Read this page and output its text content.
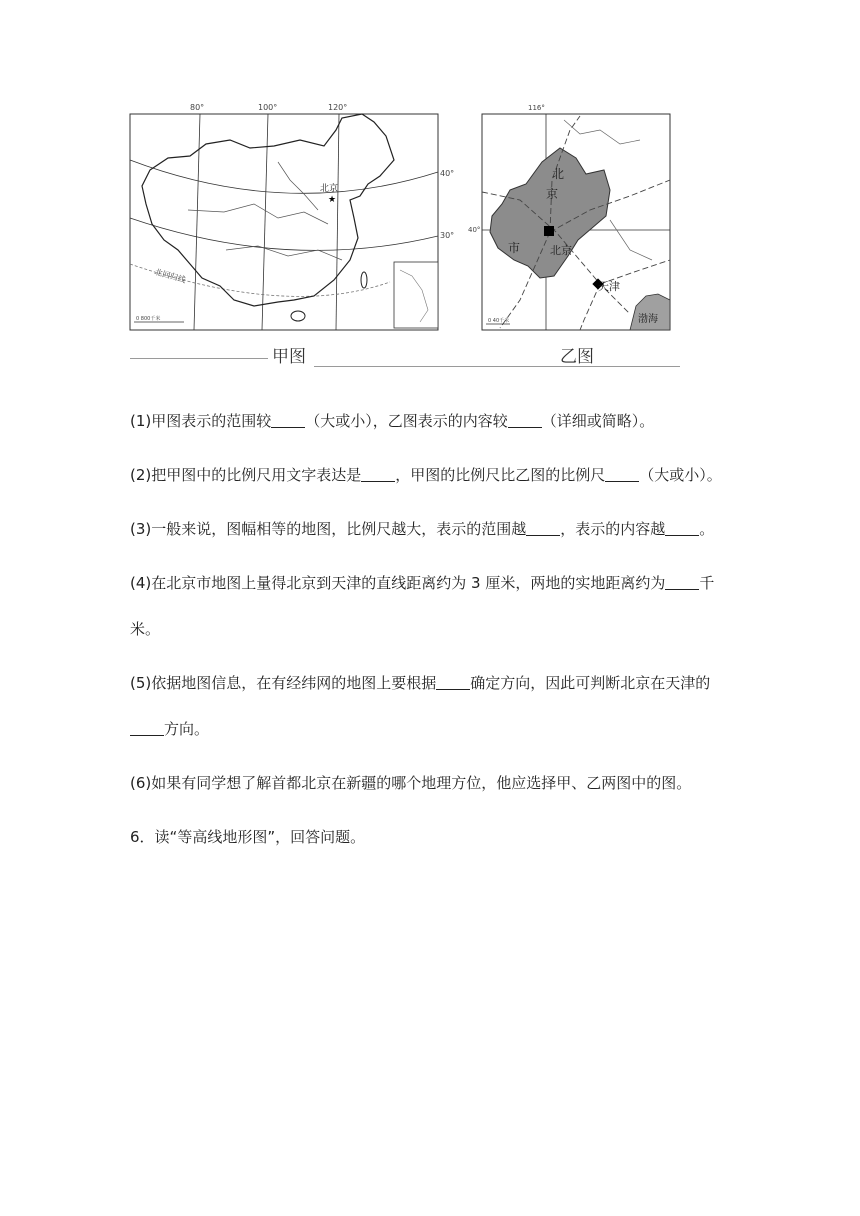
★
北京
80°	100°	120°
40°
30°
北回归线
0 800千米
北
京
市	北京
天津
渤海
116°
40°
0 40千米
甲图	乙图

(1)甲图表示的范围较 （大或小），乙图表示的内容较 （详细或简略）。

(2)把甲图中的比例尺用文字表达是 ，甲图的比例尺比乙图的比例尺 （大或小）。

(3)一般来说，图幅相等的地图，比例尺越大，表示的范围越 ，表示的内容越 。

(4)在北京市地图上量得北京到天津的直线距离约为 3 厘米，两地的实地距离约为 千米。

(5)依据地图信息，在有经纬网的地图上要根据 确定方向，因此可判断北京在天津的方向。

(6)如果有同学想了解首都北京在新疆的哪个地理方位，他应选择甲、乙两图中的图。

6．读“等高线地形图”，回答问题。
